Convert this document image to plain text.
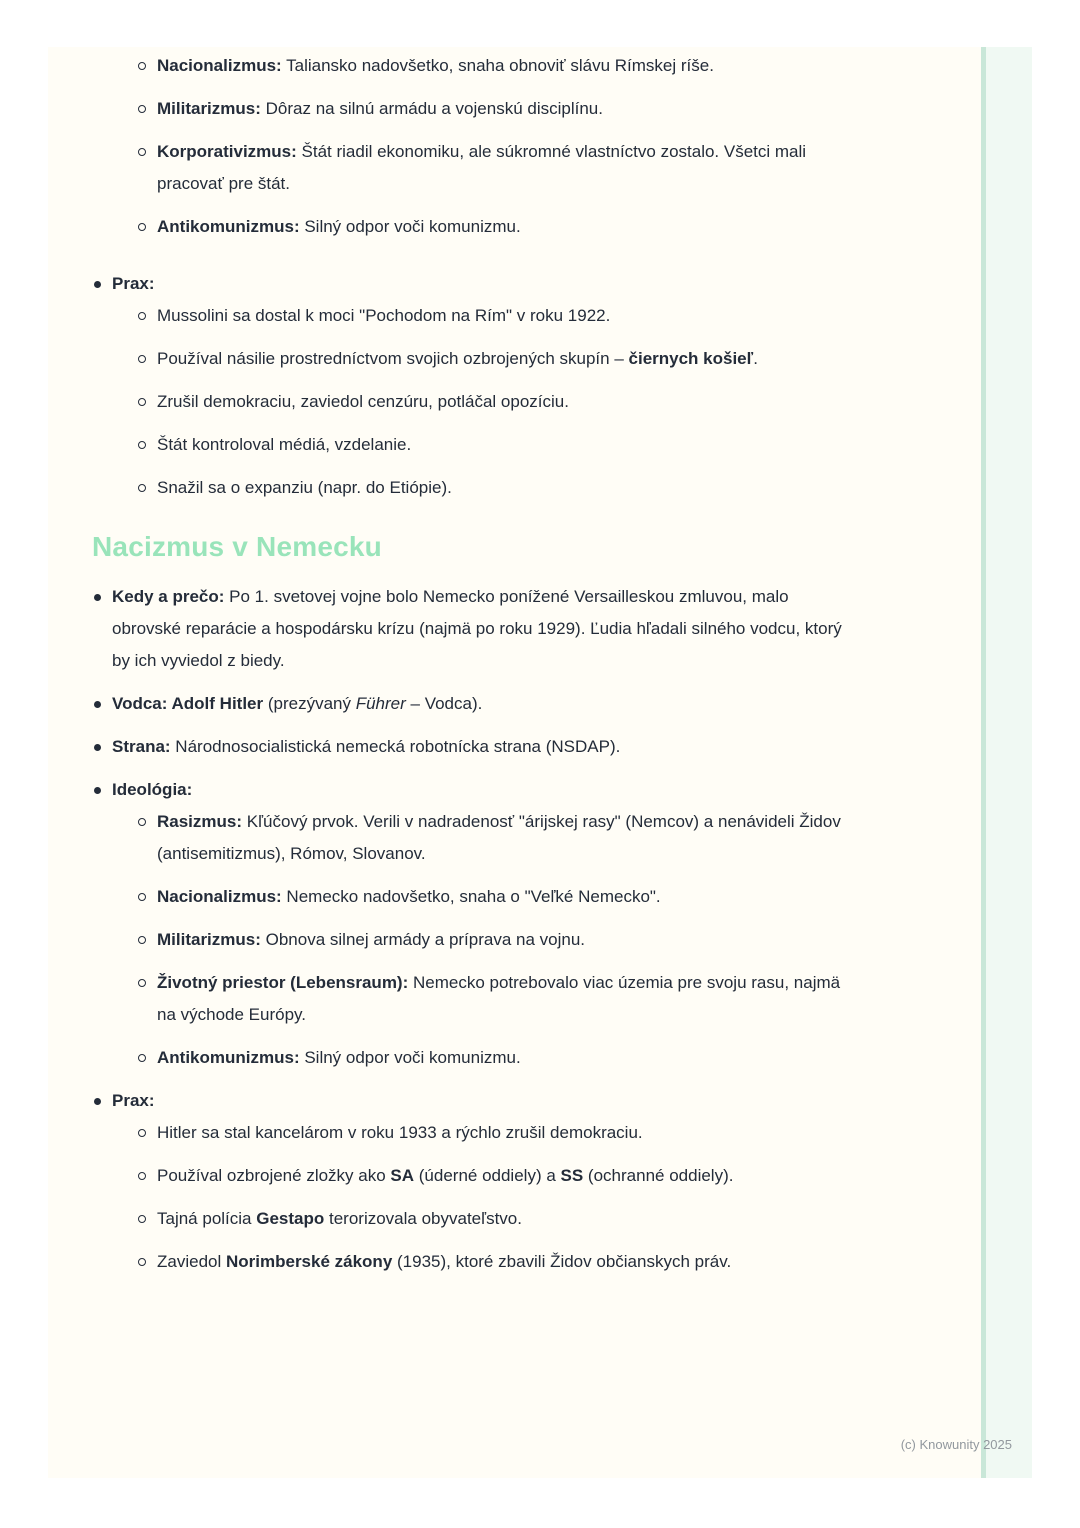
Nacionalizmus: Taliansko nadovšetko, snaha obnoviť slávu Rímskej ríše.
Militarizmus: Dôraz na silnú armádu a vojenskú disciplínu.
Korporativizmus: Štát riadil ekonomiku, ale súkromné vlastníctvo zostalo. Všetci mali pracovať pre štát.
Antikomunizmus: Silný odpor voči komunizmu.
Prax:
Mussolini sa dostal k moci "Pochodom na Rím" v roku 1922.
Používal násilie prostredníctvom svojich ozbrojených skupín – čiernych košieľ.
Zrušil demokraciu, zaviedol cenzúru, potláčal opozíciu.
Štát kontroloval médiá, vzdelanie.
Snažil sa o expanziu (napr. do Etiópie).
Nacizmus v Nemecku
Kedy a prečo: Po 1. svetovej vojne bolo Nemecko ponížené Versailleskou zmluvou, malo obrovské reparácie a hospodársku krízu (najmä po roku 1929). Ľudia hľadali silného vodcu, ktorý by ich vyviedol z biedy.
Vodca: Adolf Hitler (prezývaný Führer – Vodca).
Strana: Národnosocialistická nemecká robotnícka strana (NSDAP).
Ideológia:
Rasizmus: Kľúčový prvok. Verili v nadradenosť "árijskej rasy" (Nemcov) a nenávideli Židov (antisemitizmus), Rómov, Slovanov.
Nacionalizmus: Nemecko nadovšetko, snaha o "Veľké Nemecko".
Militarizmus: Obnova silnej armády a príprava na vojnu.
Životný priestor (Lebensraum): Nemecko potrebovalo viac územia pre svoju rasu, najmä na východe Európy.
Antikomunizmus: Silný odpor voči komunizmu.
Prax:
Hitler sa stal kancelárom v roku 1933 a rýchlo zrušil demokraciu.
Používal ozbrojené zložky ako SA (úderné oddiely) a SS (ochranné oddiely).
Tajná polícia Gestapo terorizovala obyvateľstvo.
Zaviedol Norimberské zákony (1935), ktoré zbavili Židov občianskych práv.
(c) Knowunity 2025
